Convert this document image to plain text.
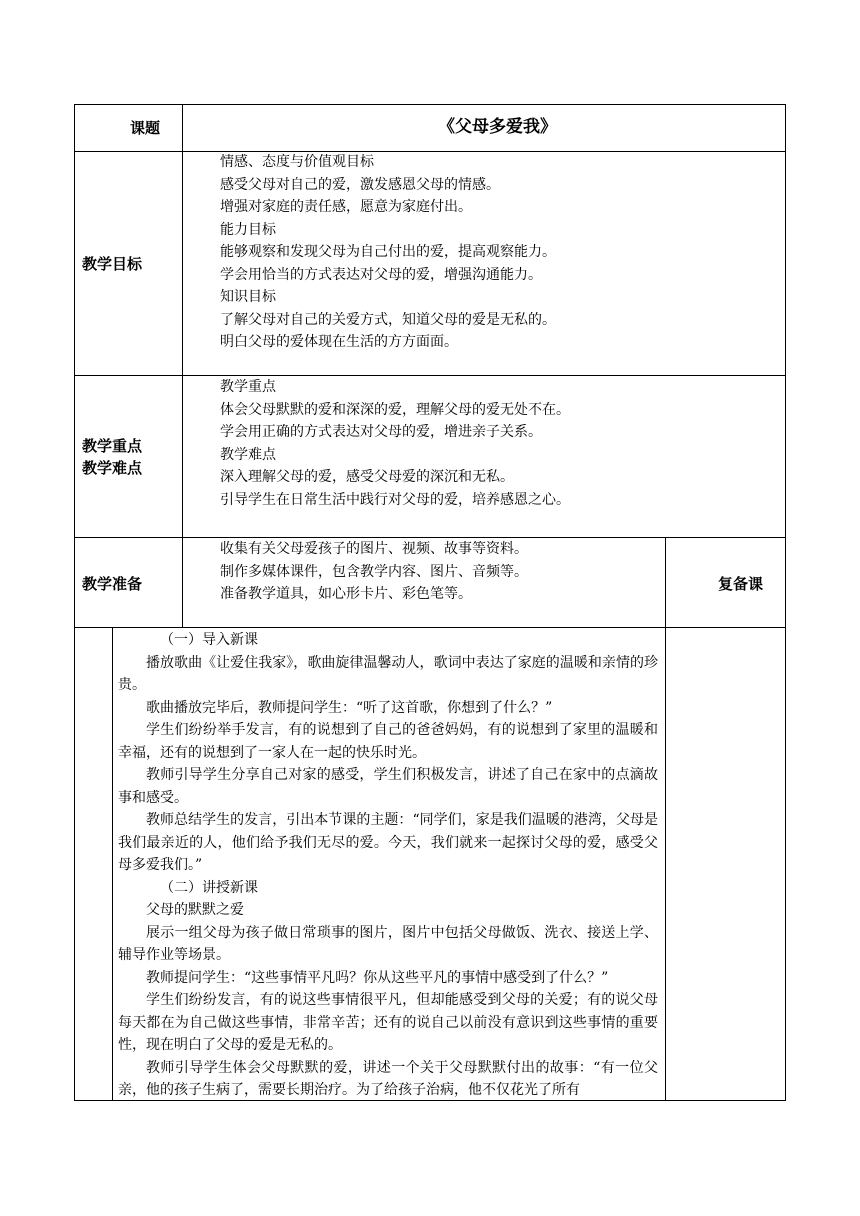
课题	《父母多爱我》
教学目标
情感、态度与价值观目标
感受父母对自己的爱，激发感恩父母的情感。
增强对家庭的责任感，愿意为家庭付出。
能力目标
能够观察和发现父母为自己付出的爱，提高观察能力。
学会用恰当的方式表达对父母的爱，增强沟通能力。
知识目标
了解父母对自己的关爱方式，知道父母的爱是无私的。
明白父母的爱体现在生活的方方面面。
教学重点
教学难点
教学重点
体会父母默默的爱和深深的爱，理解父母的爱无处不在。
学会用正确的方式表达对父母的爱，增进亲子关系。
教学难点
深入理解父母的爱，感受父母爱的深沉和无私。
引导学生在日常生活中践行对父母的爱，培养感恩之心。
教学准备
收集有关父母爱孩子的图片、视频、故事等资料。
制作多媒体课件，包含教学内容、图片、音频等。
准备教学道具，如心形卡片、彩色笔等。
复备课
（一）导入新课
播放歌曲《让爱住我家》，歌曲旋律温馨动人，歌词中表达了家庭的温暖和亲情的珍贵。
歌曲播放完毕后，教师提问学生：“听了这首歌，你想到了什么？”
学生们纷纷举手发言，有的说想到了自己的爸爸妈妈，有的说想到了家里的温暖和幸福，还有的说想到了一家人在一起的快乐时光。
教师引导学生分享自己对家的感受，学生们积极发言，讲述了自己在家中的点滴故事和感受。
教师总结学生的发言，引出本节课的主题：“同学们，家是我们温暖的港湾，父母是我们最亲近的人，他们给予我们无尽的爱。今天，我们就来一起探讨父母的爱，感受父母多爱我们。”
（二）讲授新课
父母的默默之爱
展示一组父母为孩子做日常琐事的图片，图片中包括父母做饭、洗衣、接送上学、辅导作业等场景。
教师提问学生：“这些事情平凡吗？你从这些平凡的事情中感受到了什么？”
学生们纷纷发言，有的说这些事情很平凡，但却能感受到父母的关爱；有的说父母每天都在为自己做这些事情，非常辛苦；还有的说自己以前没有意识到这些事情的重要性，现在明白了父母的爱是无私的。
教师引导学生体会父母默默的爱，讲述一个关于父母默默付出的故事：“有一位父亲，他的孩子生病了，需要长期治疗。为了给孩子治病，他不仅花光了所有
